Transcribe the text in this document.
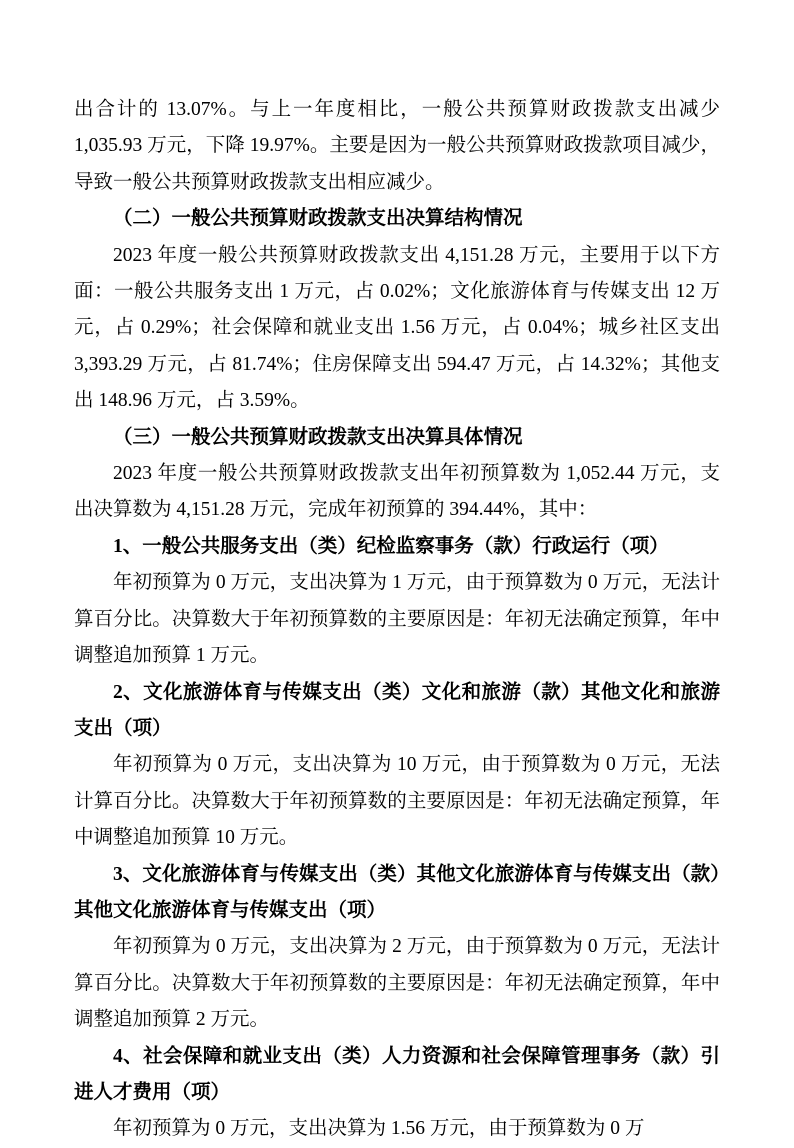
出合计的 13.07%。与上一年度相比，一般公共预算财政拨款支出减少 1,035.93 万元，下降 19.97%。主要是因为一般公共预算财政拨款项目减少，导致一般公共预算财政拨款支出相应减少。

（二）一般公共预算财政拨款支出决算结构情况

2023 年度一般公共预算财政拨款支出 4,151.28 万元，主要用于以下方面：一般公共服务支出 1 万元，占 0.02%；文化旅游体育与传媒支出 12 万元，占 0.29%；社会保障和就业支出 1.56 万元，占 0.04%；城乡社区支出 3,393.29 万元，占 81.74%；住房保障支出 594.47 万元，占 14.32%；其他支出 148.96 万元，占 3.59%。

（三）一般公共预算财政拨款支出决算具体情况

2023 年度一般公共预算财政拨款支出年初预算数为 1,052.44 万元，支出决算数为 4,151.28 万元，完成年初预算的 394.44%，其中：

1、一般公共服务支出（类）纪检监察事务（款）行政运行（项）

年初预算为 0 万元，支出决算为 1 万元，由于预算数为 0 万元，无法计算百分比。决算数大于年初预算数的主要原因是：年初无法确定预算，年中调整追加预算 1 万元。

2、文化旅游体育与传媒支出（类）文化和旅游（款）其他文化和旅游支出（项）

年初预算为 0 万元，支出决算为 10 万元，由于预算数为 0 万元，无法计算百分比。决算数大于年初预算数的主要原因是：年初无法确定预算，年中调整追加预算 10 万元。

3、文化旅游体育与传媒支出（类）其他文化旅游体育与传媒支出（款）其他文化旅游体育与传媒支出（项）

年初预算为 0 万元，支出决算为 2 万元，由于预算数为 0 万元，无法计算百分比。决算数大于年初预算数的主要原因是：年初无法确定预算，年中调整追加预算 2 万元。

4、社会保障和就业支出（类）人力资源和社会保障管理事务（款）引进人才费用（项）

年初预算为 0 万元，支出决算为 1.56 万元，由于预算数为 0 万
